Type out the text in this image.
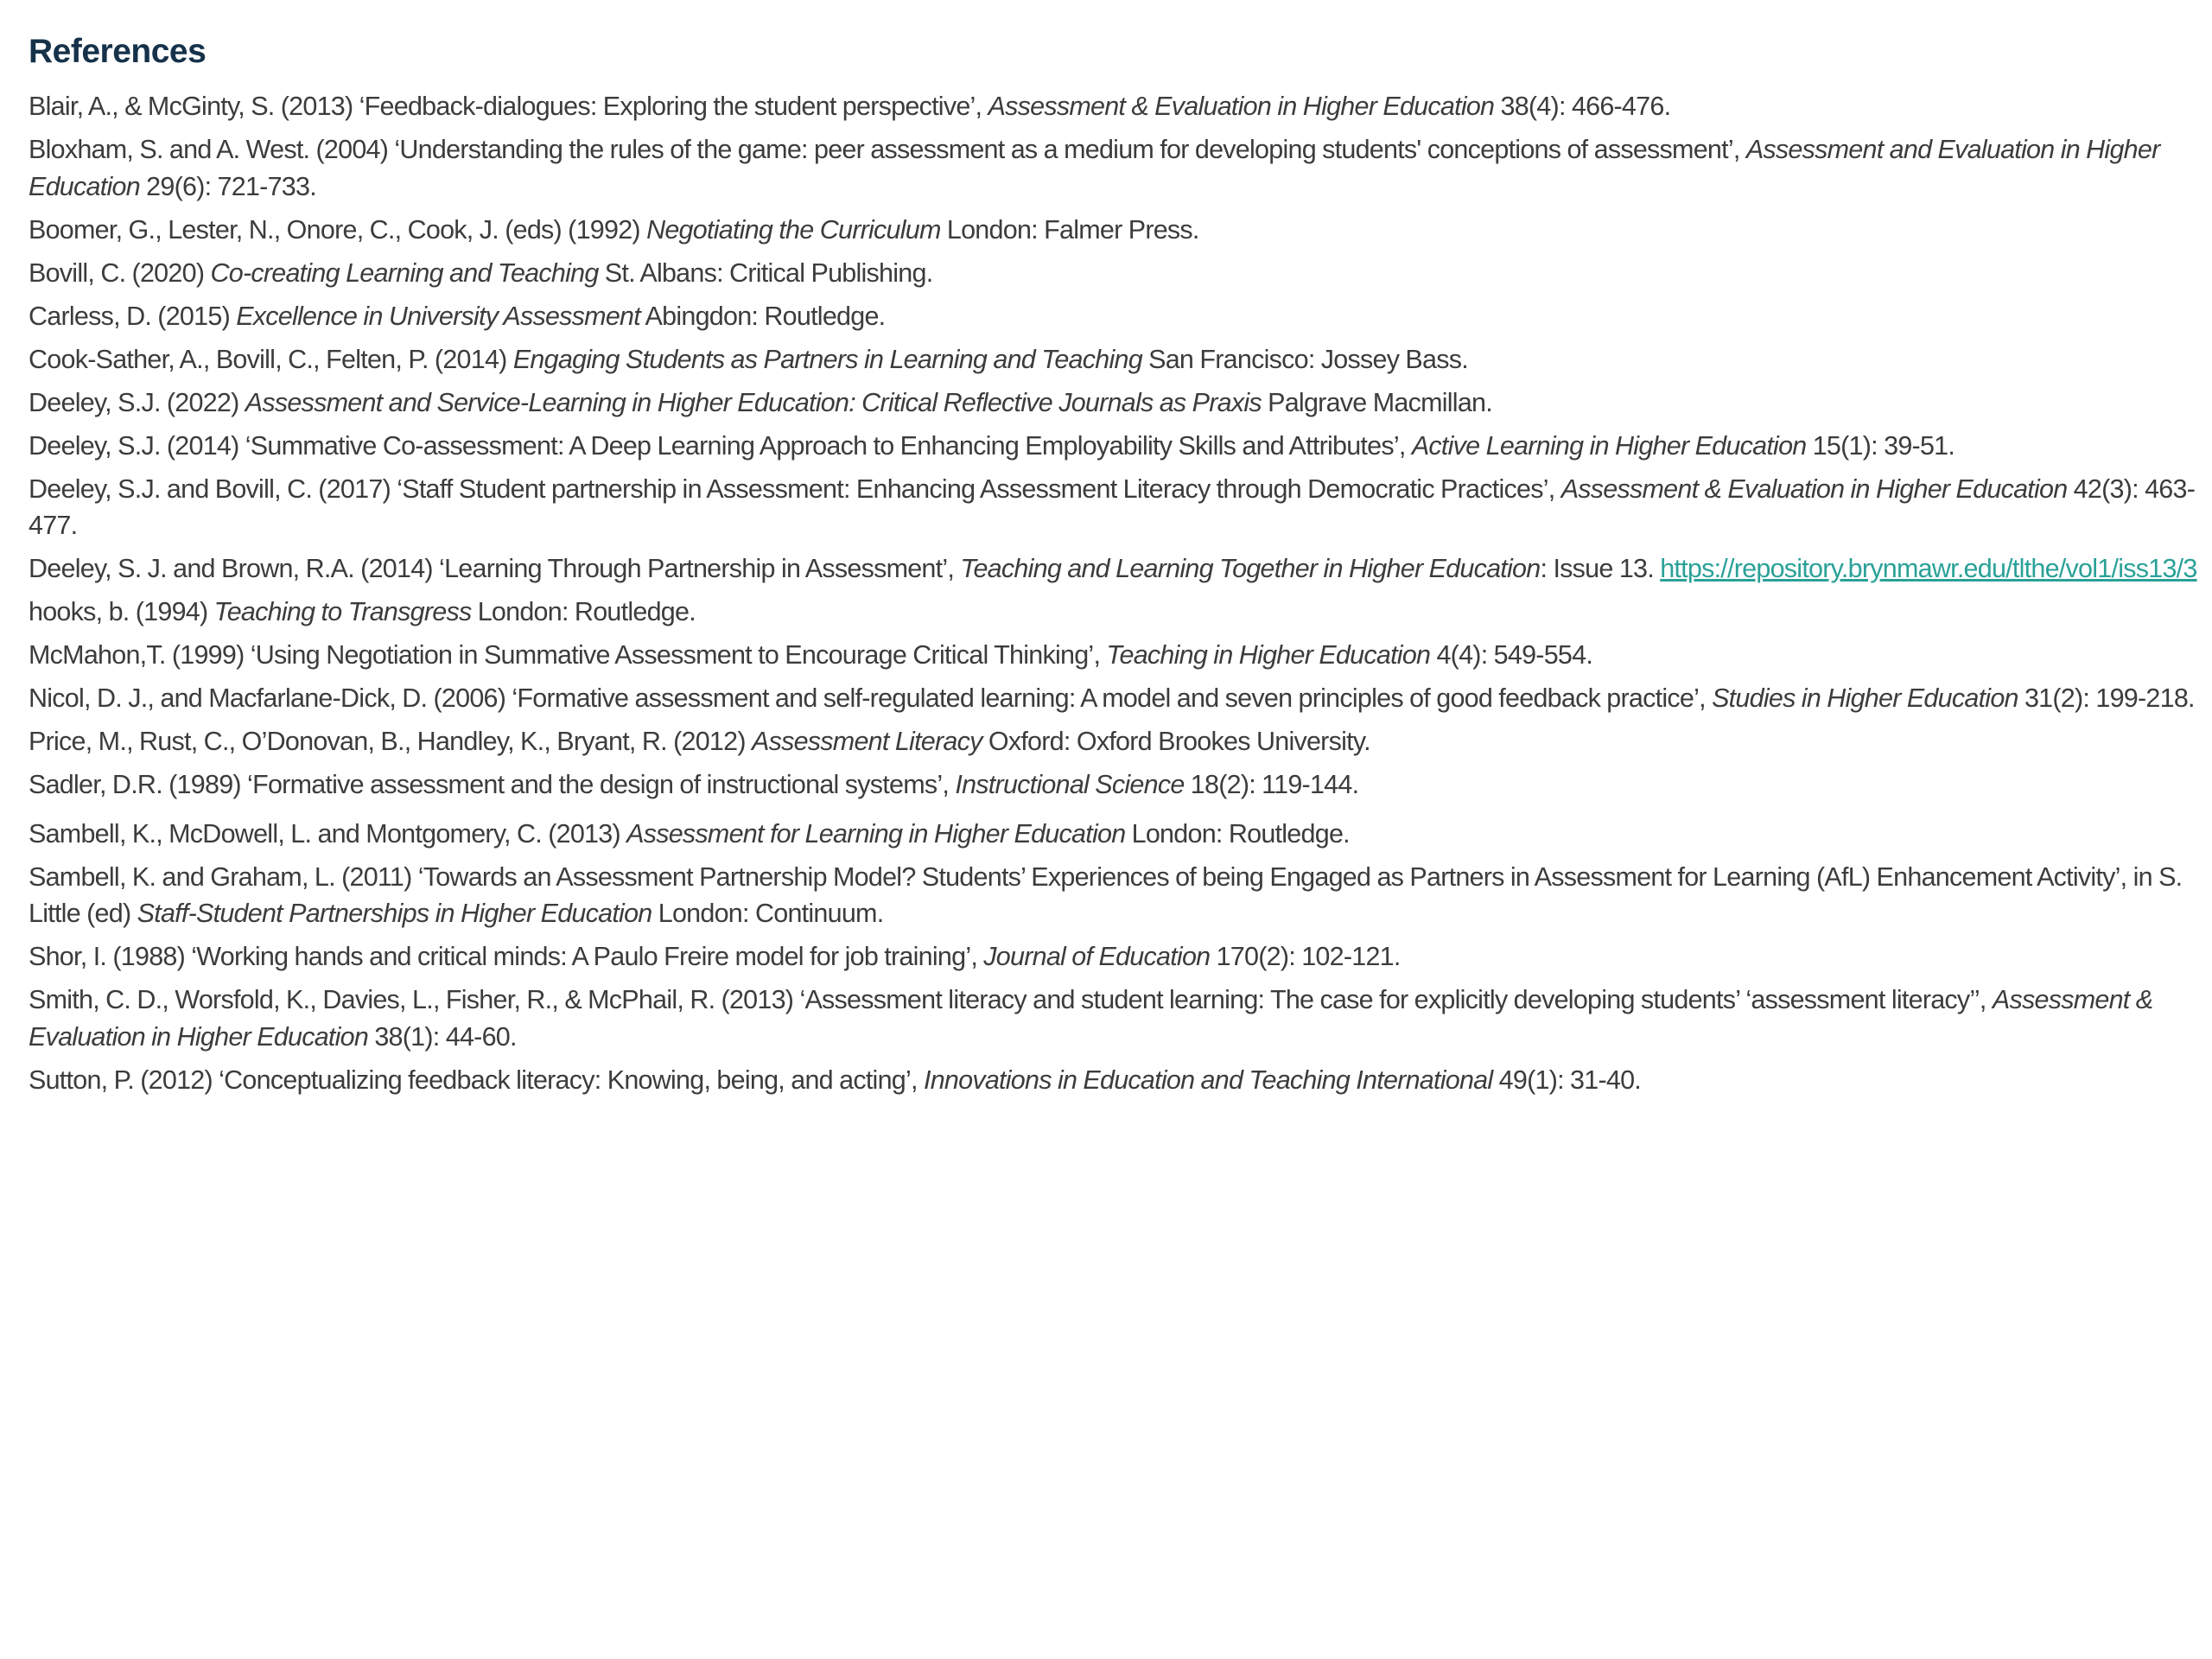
References
Blair, A., & McGinty, S. (2013) ‘Feedback-dialogues: Exploring the student perspective’, Assessment & Evaluation in Higher Education 38(4): 466-476.
Bloxham, S. and A. West. (2004) ‘Understanding the rules of the game: peer assessment as a medium for developing students' conceptions of assessment’, Assessment and Evaluation in Higher Education 29(6): 721-733.
Boomer, G., Lester, N., Onore, C., Cook, J. (eds) (1992) Negotiating the Curriculum London: Falmer Press.
Bovill, C. (2020) Co-creating Learning and Teaching St. Albans: Critical Publishing.
Carless, D. (2015) Excellence in University Assessment Abingdon: Routledge.
Cook-Sather, A., Bovill, C., Felten, P. (2014) Engaging Students as Partners in Learning and Teaching San Francisco: Jossey Bass.
Deeley, S.J. (2022) Assessment and Service-Learning in Higher Education: Critical Reflective Journals as Praxis Palgrave Macmillan.
Deeley, S.J. (2014) ‘Summative Co-assessment: A Deep Learning Approach to Enhancing Employability Skills and Attributes’, Active Learning in Higher Education 15(1): 39-51.
Deeley, S.J. and Bovill, C. (2017) ‘Staff Student partnership in Assessment: Enhancing Assessment Literacy through Democratic Practices’, Assessment & Evaluation in Higher Education 42(3): 463-477.
Deeley, S. J. and Brown, R.A. (2014) ‘Learning Through Partnership in Assessment’, Teaching and Learning Together in Higher Education: Issue 13. https://repository.brynmawr.edu/tlthe/vol1/iss13/3
hooks, b. (1994) Teaching to Transgress London: Routledge.
McMahon,T. (1999) ‘Using Negotiation in Summative Assessment to Encourage Critical Thinking’, Teaching in Higher Education 4(4): 549-554.
Nicol, D. J., and Macfarlane-Dick, D. (2006) ‘Formative assessment and self-regulated learning: A model and seven principles of good feedback practice’, Studies in Higher Education 31(2): 199-218.
Price, M., Rust, C., O’Donovan, B., Handley, K., Bryant, R. (2012) Assessment Literacy Oxford: Oxford Brookes University.
Sadler, D.R. (1989) ‘Formative assessment and the design of instructional systems’, Instructional Science 18(2): 119-144.
Sambell, K., McDowell, L. and Montgomery, C. (2013) Assessment for Learning in Higher Education London: Routledge.
Sambell, K. and Graham, L. (2011) ‘Towards an Assessment Partnership Model? Students’ Experiences of being Engaged as Partners in Assessment for Learning (AfL) Enhancement Activity’, in S. Little (ed) Staff-Student Partnerships in Higher Education London: Continuum.
Shor, I. (1988) ‘Working hands and critical minds: A Paulo Freire model for job training’, Journal of Education 170(2): 102-121.
Smith, C. D., Worsfold, K., Davies, L., Fisher, R., & McPhail, R. (2013) ‘Assessment literacy and student learning: The case for explicitly developing students’ ‘assessment literacy’’, Assessment & Evaluation in Higher Education 38(1): 44-60.
Sutton, P. (2012) ‘Conceptualizing feedback literacy: Knowing, being, and acting’, Innovations in Education and Teaching International 49(1): 31-40.
